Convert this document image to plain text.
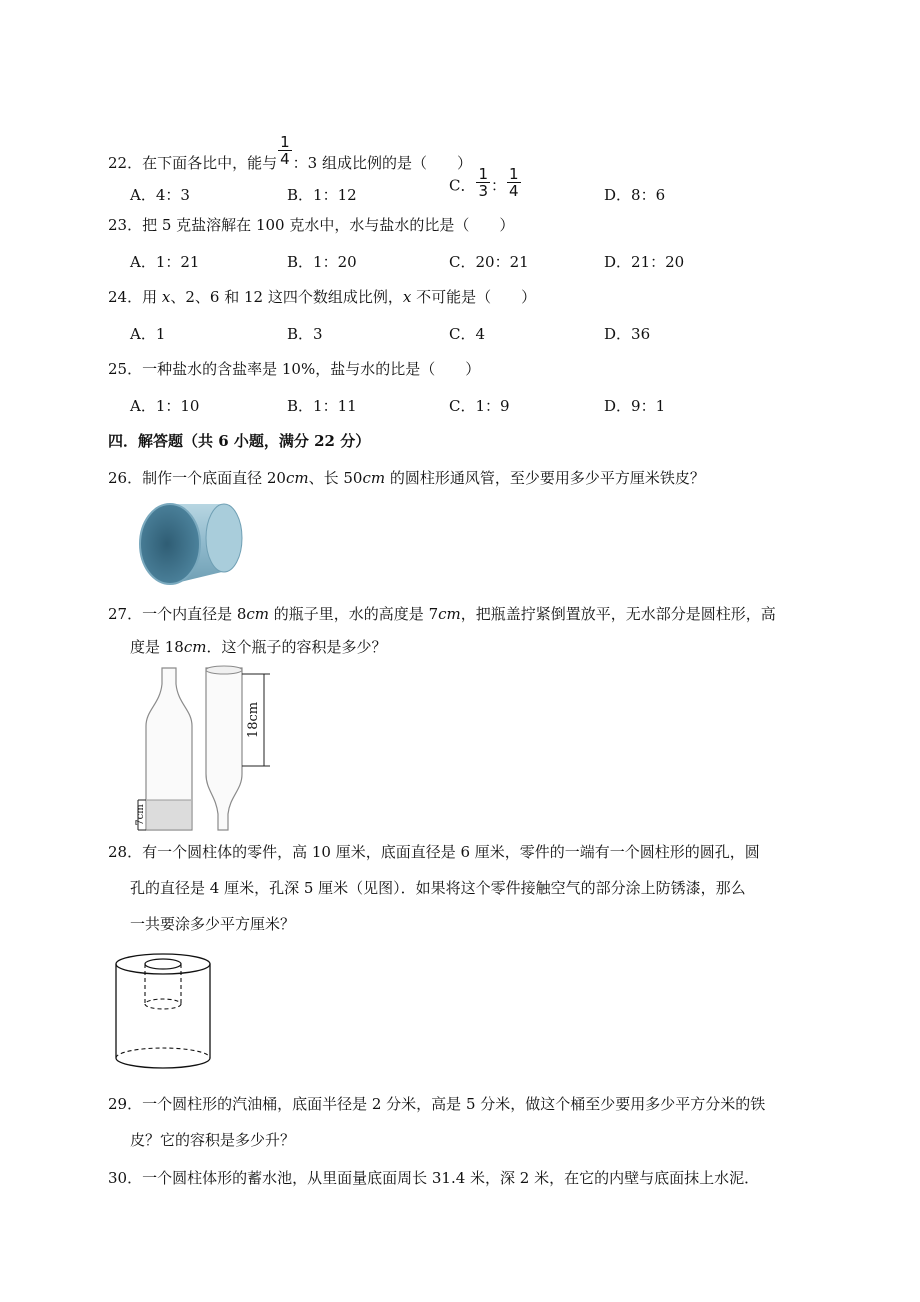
22．在下面各比中，能与 $\frac{1}{4}$ ：3 组成比例的是（　　）
A．4：3	B．1：12
C． $\frac{1}{3}$ ： $\frac{1}{4}$	D．8：6
23．把 5 克盐溶解在 100 克水中，水与盐水的比是（　　）
A．1：21	B．1：20	C．20：21	D．21：20
24．用 x、2、6 和 12 这四个数组成比例，x 不可能是（　　）
A．1	B．3	C．4	D．36
25．一种盐水的含盐率是 10%，盐与水的比是（　　）
A．1：10	B．1：11	C．1：9	D．9：1
四．解答题（共 6 小题，满分 22 分）
26．制作一个底面直径 20cm、长 50cm 的圆柱形通风管，至少要用多少平方厘米铁皮？
27．一个内直径是 8cm 的瓶子里，水的高度是 7cm，把瓶盖拧紧倒置放平，无水部分是圆柱形，高
度是 18cm．这个瓶子的容积是多少？
7cm
18cm
28．有一个圆柱体的零件，高 10 厘米，底面直径是 6 厘米，零件的一端有一个圆柱形的圆孔，圆
孔的直径是 4 厘米，孔深 5 厘米（见图）．如果将这个零件接触空气的部分涂上防锈漆，那么
一共要涂多少平方厘米？
29．一个圆柱形的汽油桶，底面半径是 2 分米，高是 5 分米，做这个桶至少要用多少平方分米的铁
皮？它的容积是多少升？
30．一个圆柱体形的蓄水池，从里面量底面周长 31.4 米，深 2 米，在它的内壁与底面抹上水泥．
